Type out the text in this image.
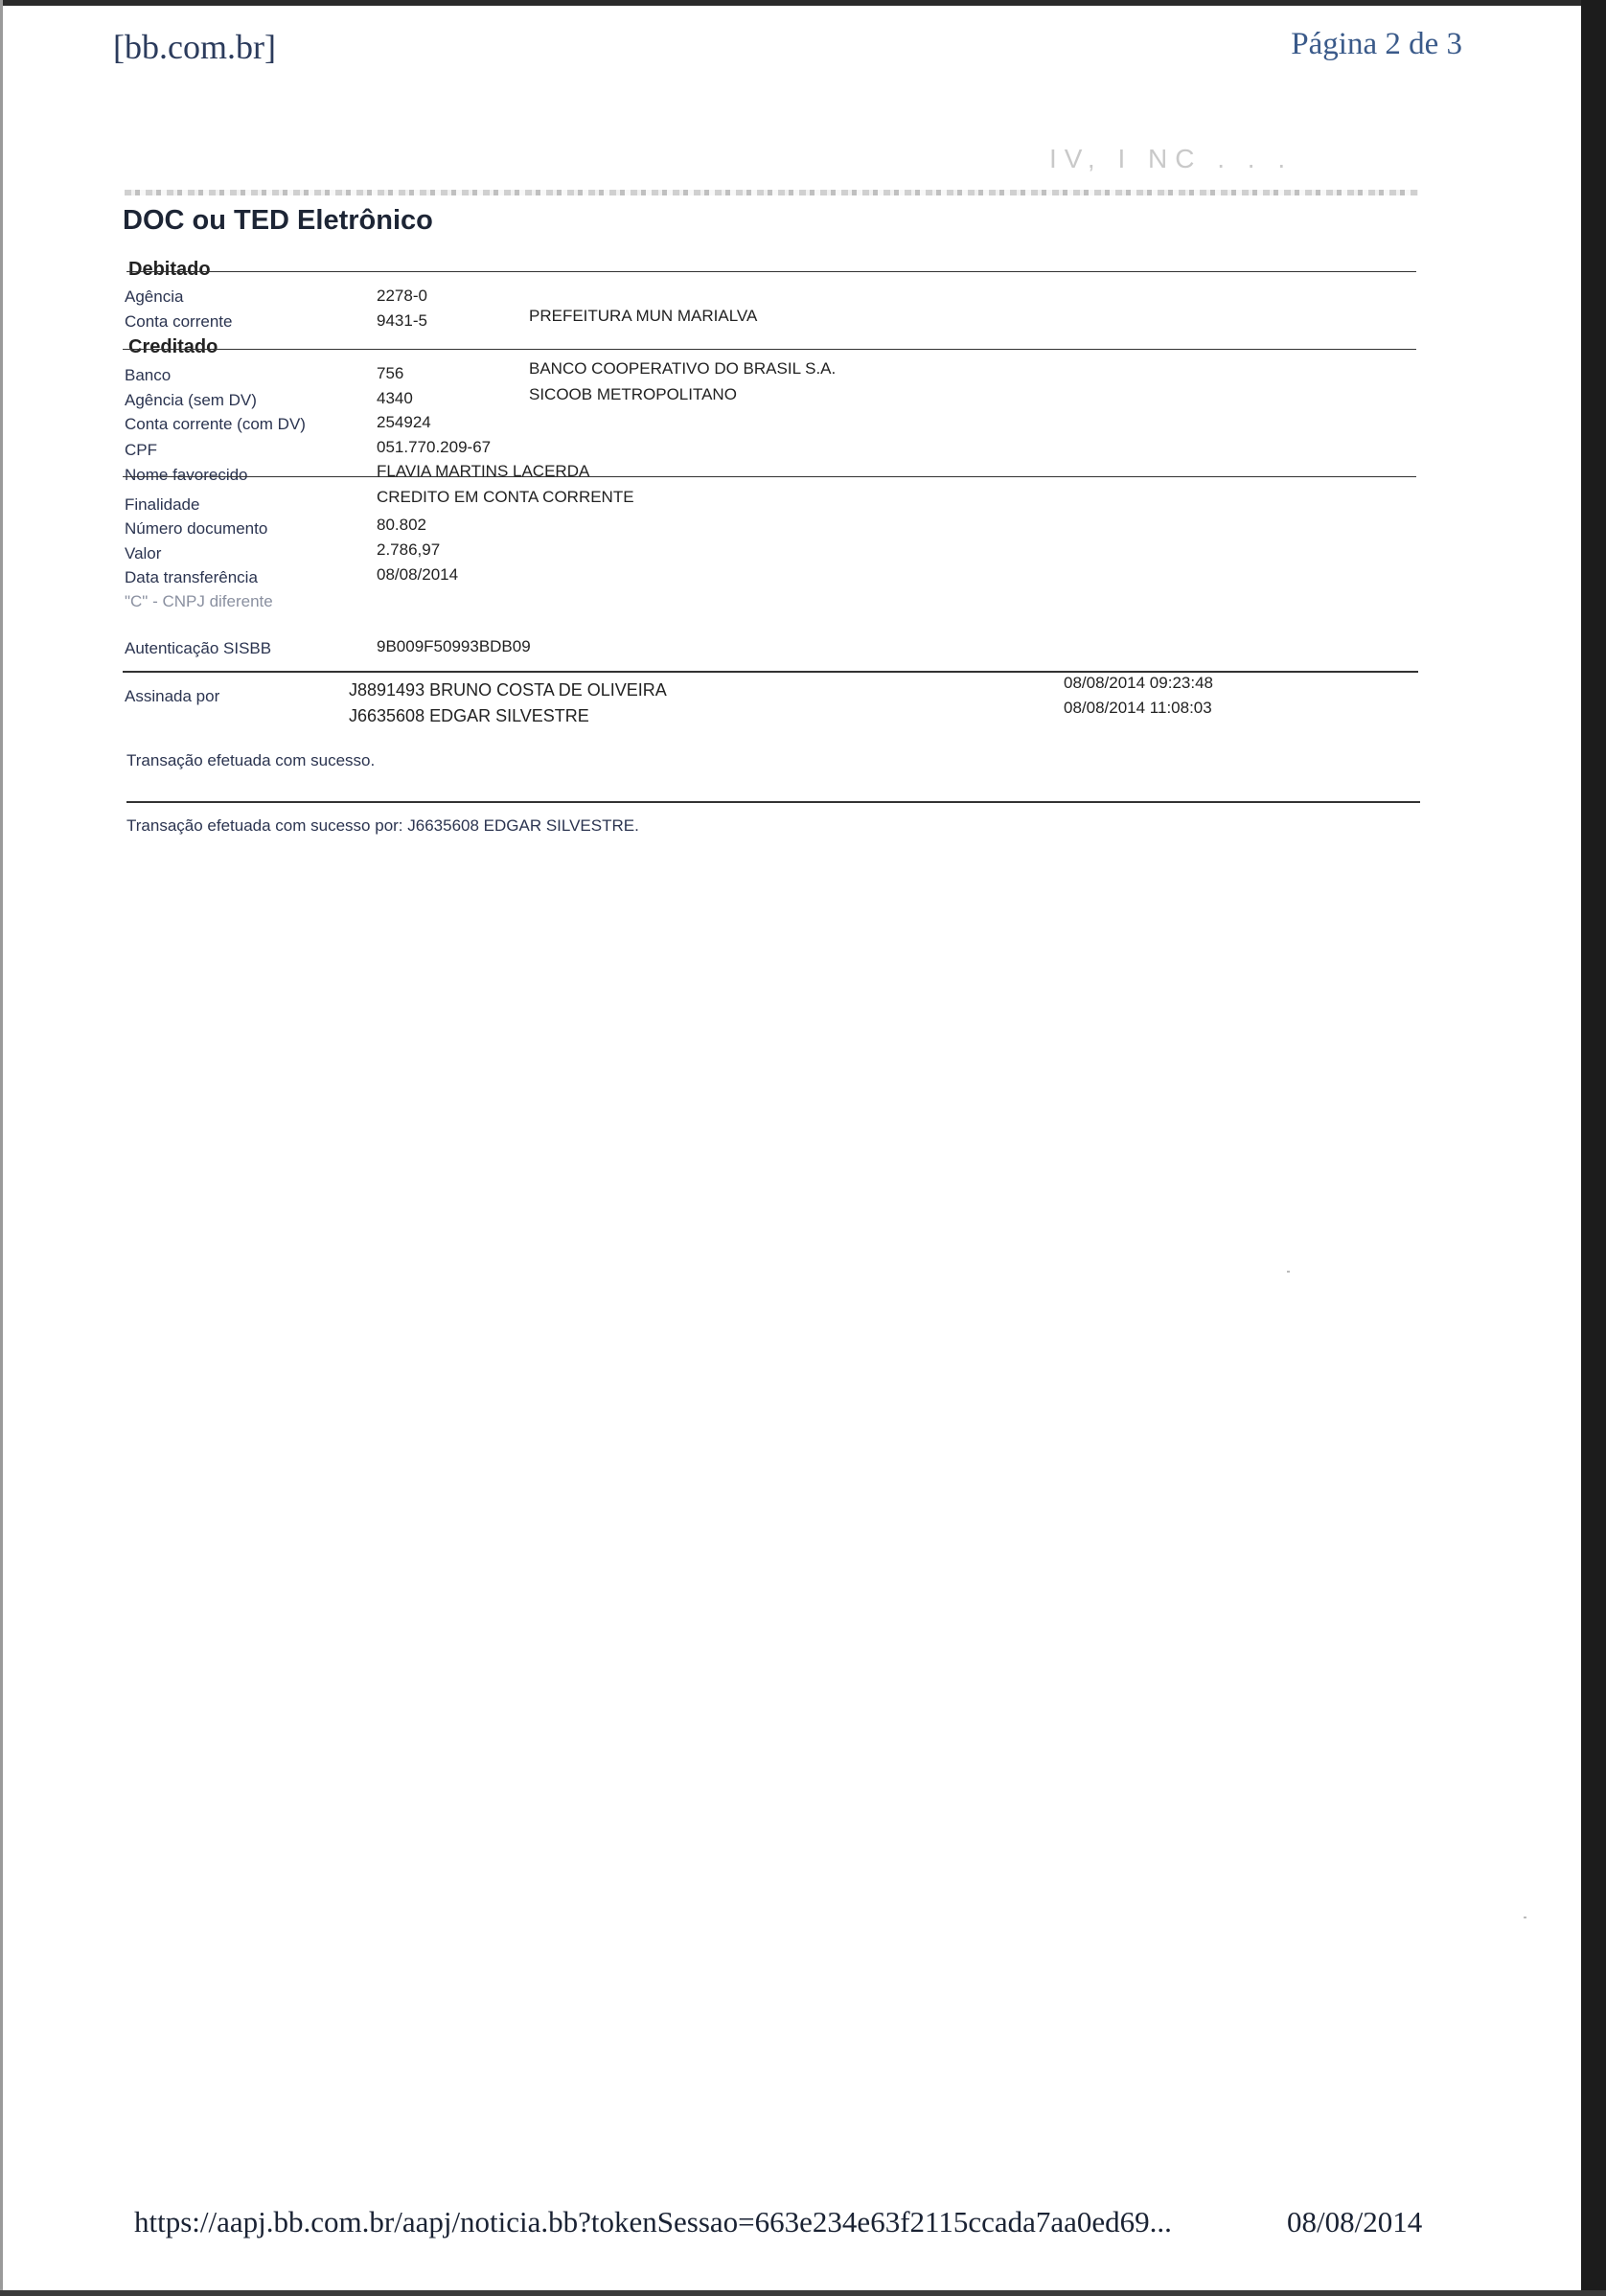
[bb.com.br]	Página 2 de 3
IV, I NC . . .
DOC ou TED Eletrônico
Debitado
Agência	2278-0
Conta corrente	9431-5	PREFEITURA MUN MARIALVA
Creditado
Banco	756	BANCO COOPERATIVO DO BRASIL S.A.
Agência (sem DV)	4340	SICOOB METROPOLITANO
Conta corrente (com DV)	254924
CPF	051.770.209-67
Nome favorecido	FLAVIA MARTINS LACERDA
Finalidade	CREDITO EM CONTA CORRENTE
Número documento	80.802
Valor	2.786,97
Data transferência	08/08/2014
"C" - CNPJ diferente
Autenticação SISBB	9B009F50993BDB09
Assinada por	J8891493 BRUNO COSTA DE OLIVEIRA	08/08/2014 09:23:48
J6635608 EDGAR SILVESTRE	08/08/2014 11:08:03
Transação efetuada com sucesso.
Transação efetuada com sucesso por: J6635608 EDGAR SILVESTRE.
https://aapj.bb.com.br/aapj/noticia.bb?tokenSessao=663e234e63f2115ccada7aa0ed69...	08/08/2014
